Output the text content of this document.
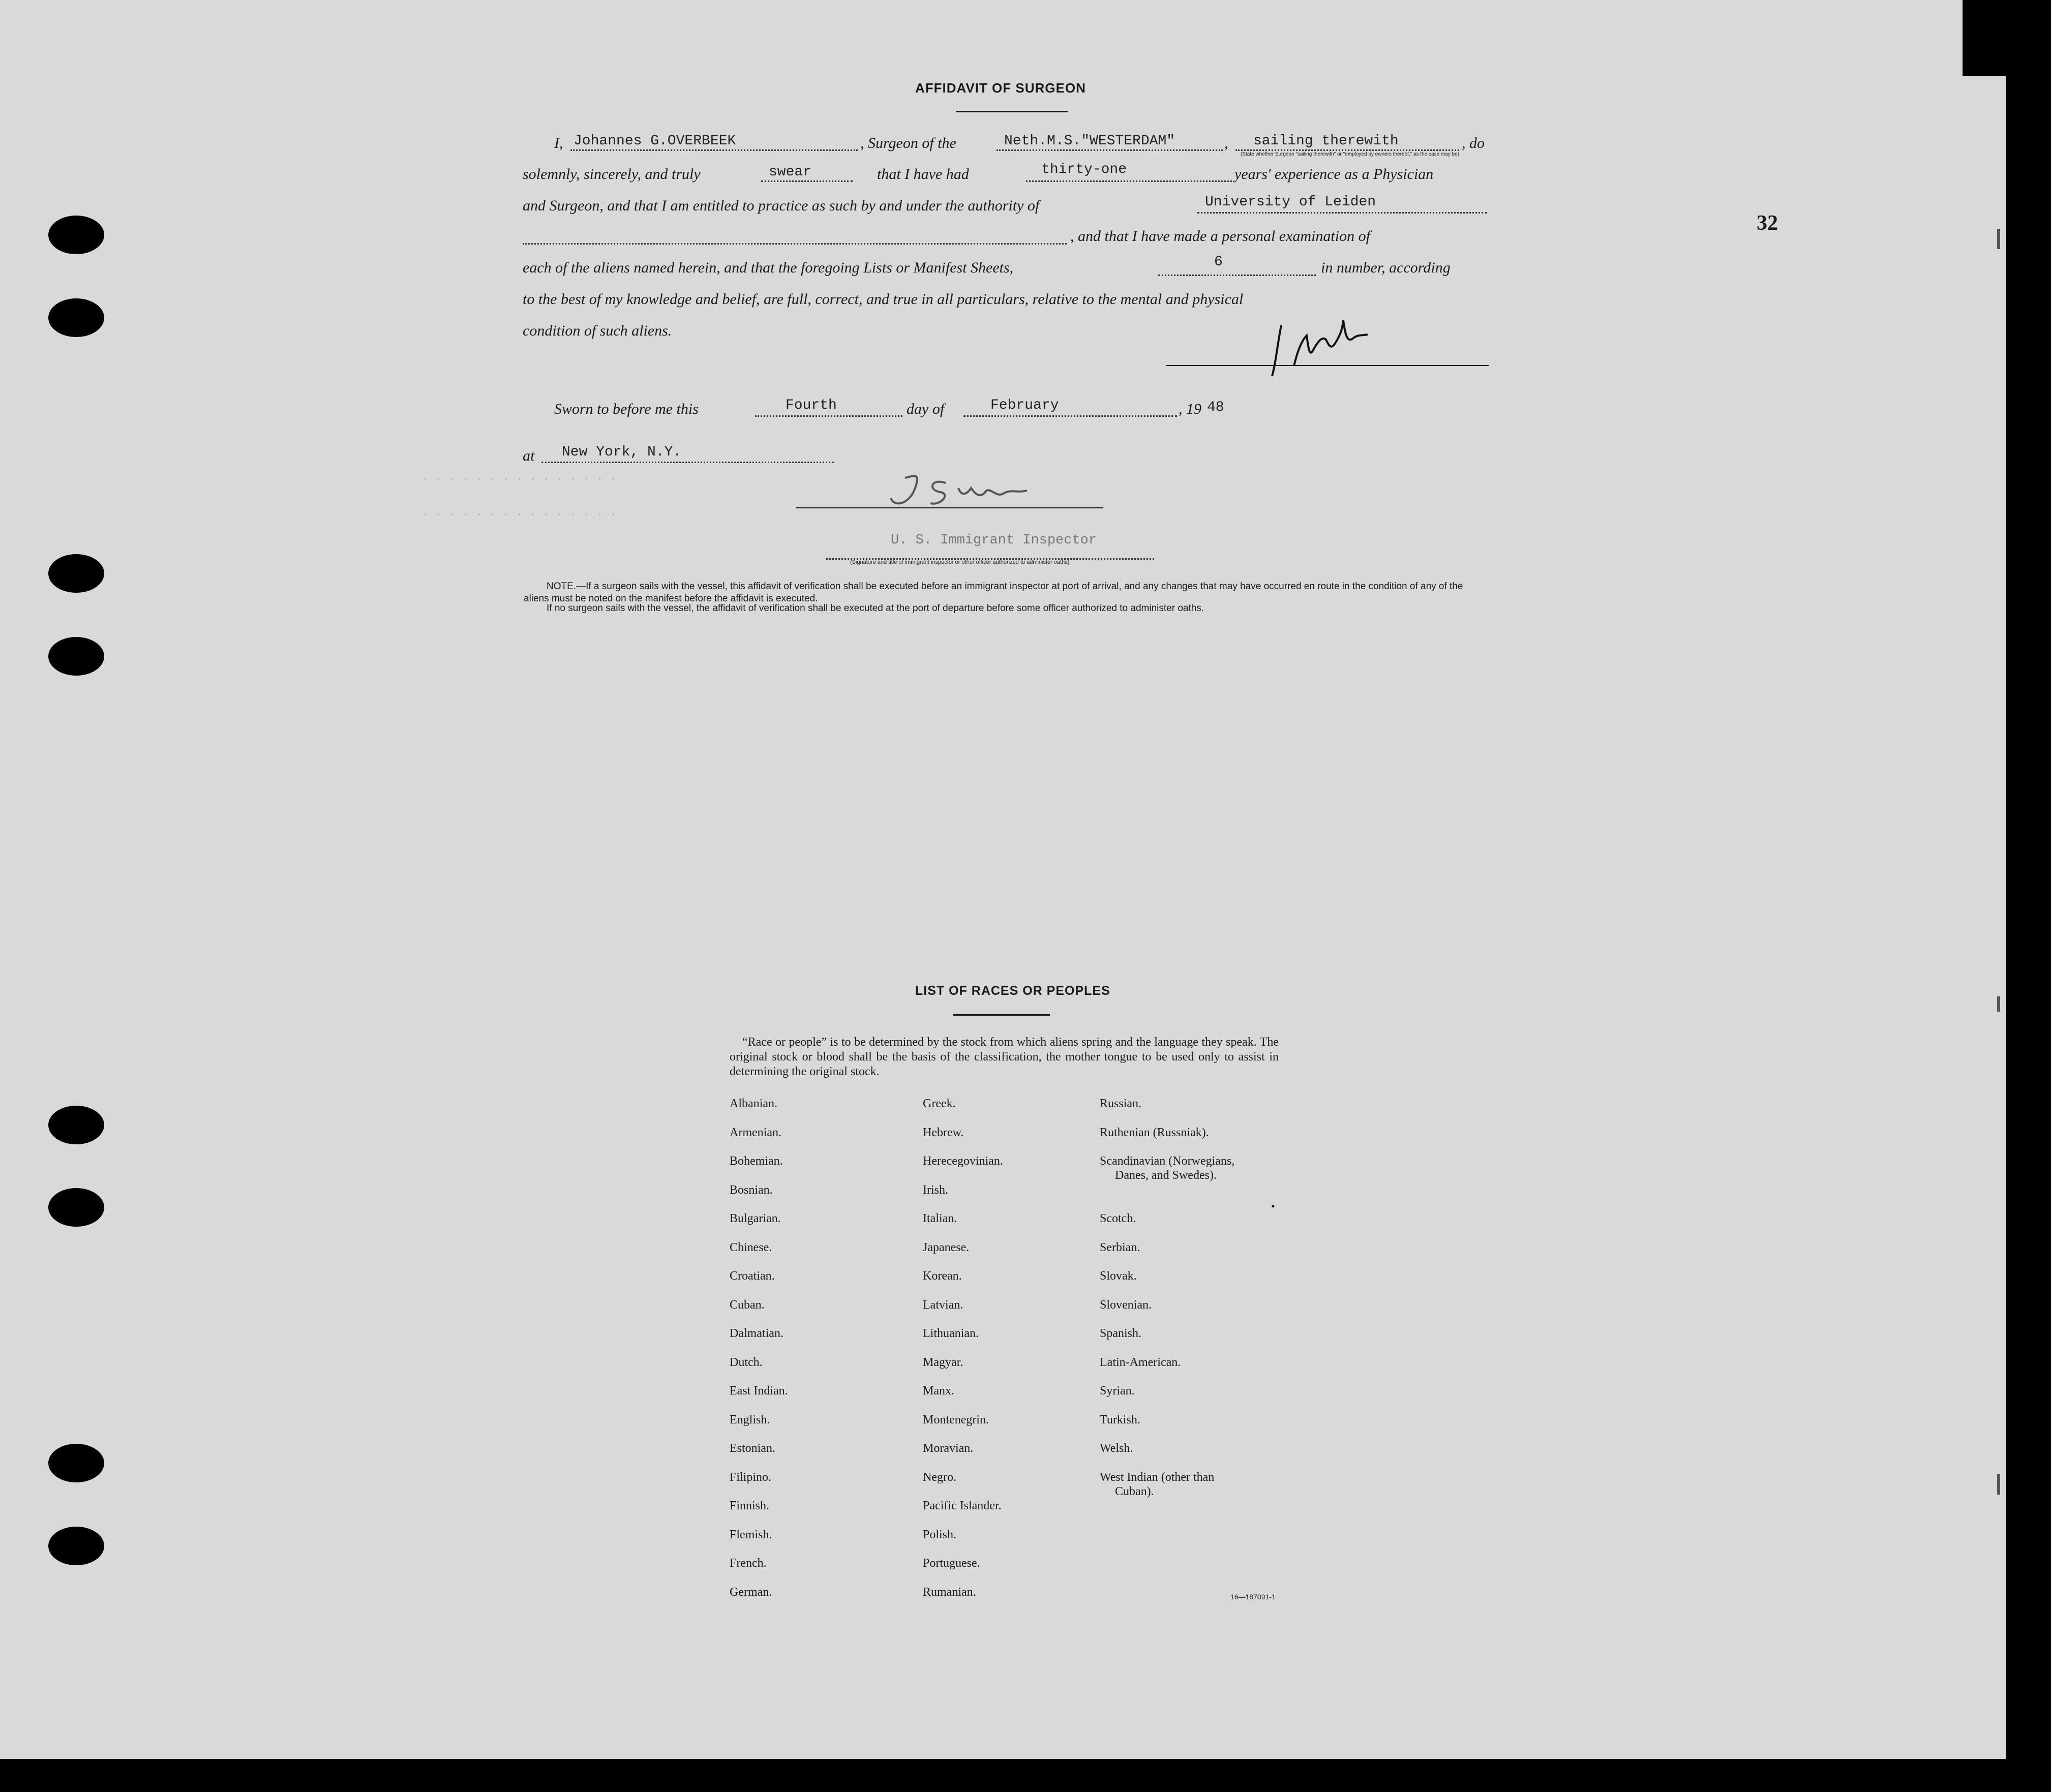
32
AFFIDAVIT OF SURGEON
I, Johannes G.OVERBEEK	, Surgeon of the	Neth.M.S."WESTERDAM"	, sailing therewith	, do
(State whether Surgeon "sailing therewith" or "employed by owners thereof," as the case may be)
solemnly, sincerely, and truly	swear	that I have had	thirty-one	years' experience as a Physician
and Surgeon, and that I am entitled to practice as such by and under the authority of	University of Leiden
, and that I have made a personal examination of
each of the aliens named herein, and that the foregoing Lists or Manifest Sheets,	6	in number, according
to the best of my knowledge and belief, are full, correct, and true in all particulars, relative to the mental and physical
condition of such aliens.
Sworn to before me this	Fourth	day of	February	, 19 48
at New York, N.Y.
· · · · · · · · · · · · · · ·
· · · · · · · · · · · · · · ·
U. S. Immigrant Inspector
(Signature and title of immigrant inspector or other officer authorized to administer oaths)
NOTE.—If a surgeon sails with the vessel, this affidavit of verification shall be executed before an immigrant inspector at port of arrival, and any changes that may have occurred en route in the condition of any of the aliens must be noted on the manifest before the affidavit is executed.
If no surgeon sails with the vessel, the affidavit of verification shall be executed at the port of departure before some officer authorized to administer oaths.
LIST OF RACES OR PEOPLES
“Race or people” is to be determined by the stock from which aliens spring and the language they speak. The original stock or blood shall be the basis of the classification, the mother tongue to be used only to assist in determining the original stock.
Albanian.
Armenian.
Bohemian.
Bosnian.
Bulgarian.
Chinese.
Croatian.
Cuban.
Dalmatian.
Dutch.
East Indian.
English.
Estonian.
Filipino.
Finnish.
Flemish.
French.
German.
Greek.
Hebrew.
Herecegovinian.
Irish.
Italian.
Japanese.
Korean.
Latvian.
Lithuanian.
Magyar.
Manx.
Montenegrin.
Moravian.
Negro.
Pacific Islander.
Polish.
Portuguese.
Rumanian.
Russian.
Ruthenian (Russniak).
Scandinavian (Norwegians,
Danes, and Swedes).
Scotch.
Serbian.
Slovak.
Slovenian.
Spanish.
Latin-American.
Syrian.
Turkish.
Welsh.
West Indian (other than
Cuban).
•
16—187091-1
